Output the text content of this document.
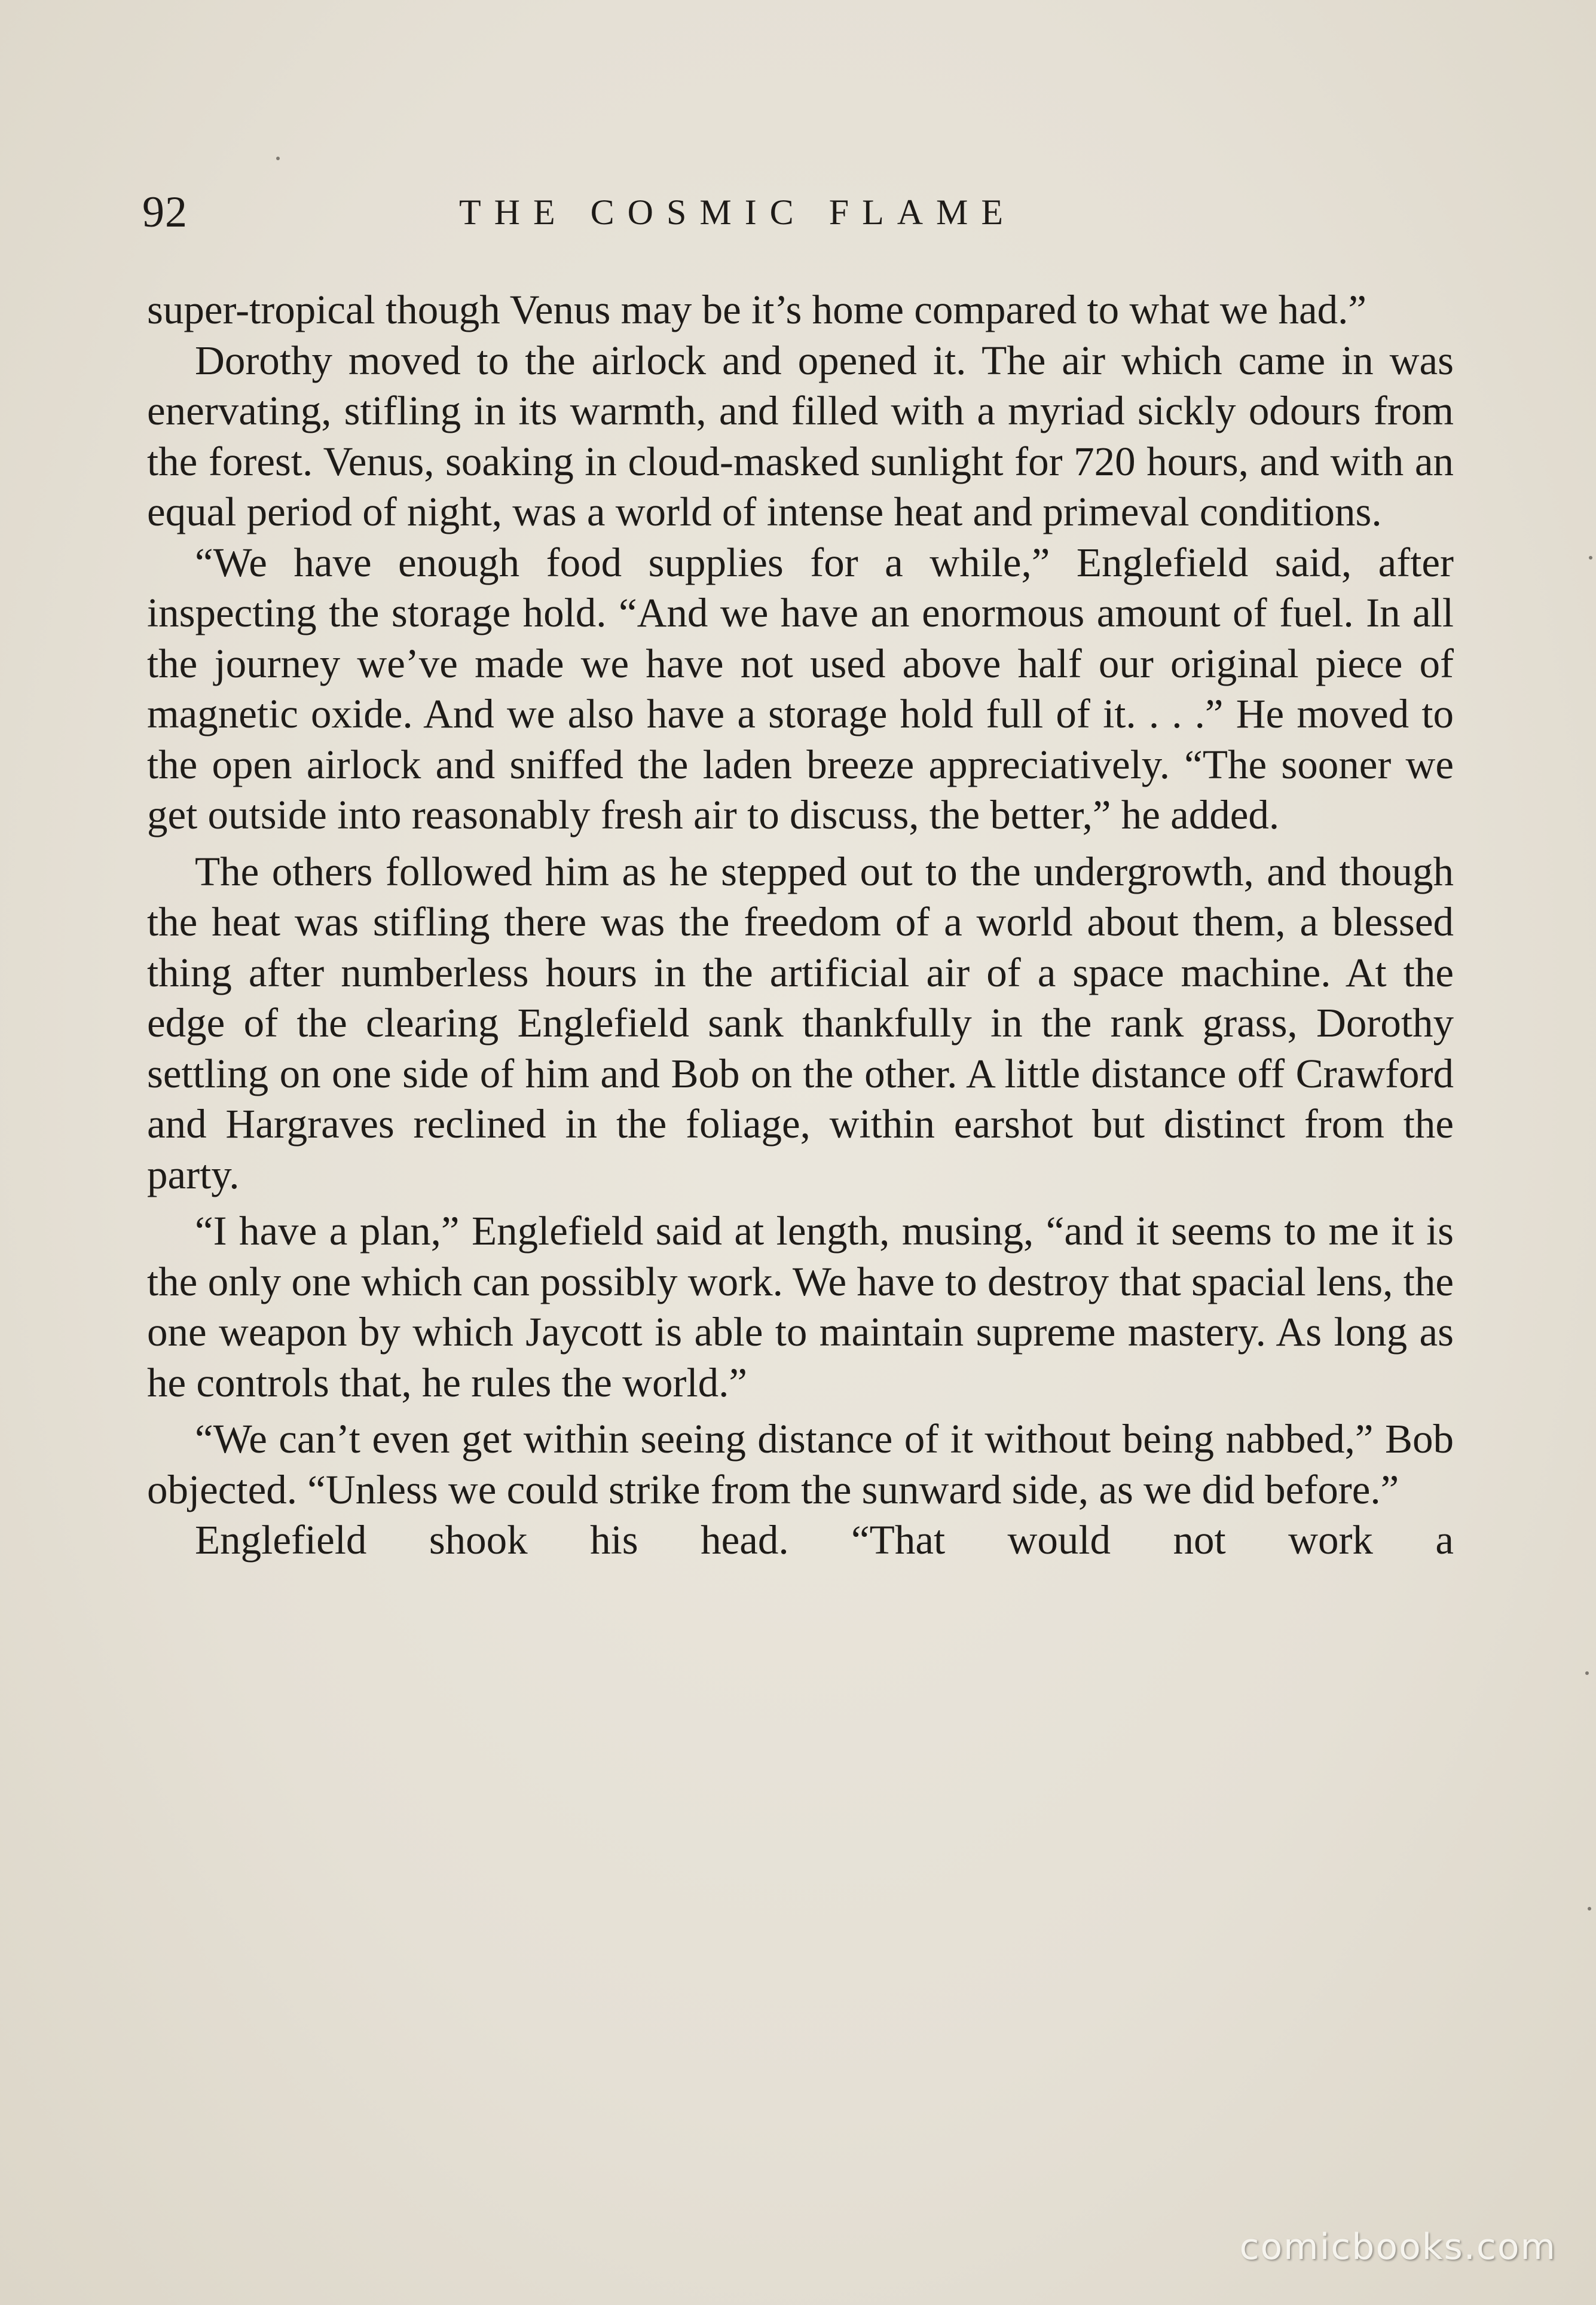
92	THE COSMIC FLAME

super-tropical though Venus may be it’s home compared to what we had.”

Dorothy moved to the airlock and opened it. The air which came in was enervating, stifling in its warmth, and filled with a myriad sickly odours from the forest. Venus, soaking in cloud-masked sunlight for 720 hours, and with an equal period of night, was a world of intense heat and primeval conditions.

“We have enough food supplies for a while,” Englefield said, after inspecting the storage hold. “And we have an enormous amount of fuel. In all the journey we’ve made we have not used above half our original piece of magnetic oxide. And we also have a storage hold full of it. . . .” He moved to the open airlock and sniffed the laden breeze appreciatively. “The sooner we get outside into reasonably fresh air to discuss, the better,” he added.

The others followed him as he stepped out to the undergrowth, and though the heat was stifling there was the freedom of a world about them, a blessed thing after numberless hours in the artificial air of a space machine. At the edge of the clearing Englefield sank thankfully in the rank grass, Dorothy settling on one side of him and Bob on the other. A little distance off Crawford and Hargraves reclined in the foliage, within earshot but distinct from the party.

“I have a plan,” Englefield said at length, musing, “and it seems to me it is the only one which can possibly work. We have to destroy that spacial lens, the one weapon by which Jaycott is able to maintain supreme mastery. As long as he controls that, he rules the world.”

“We can’t even get within seeing distance of it without being nabbed,” Bob objected. “Unless we could strike from the sunward side, as we did before.”

Englefield shook his head. “That would not work a

comicbooks.com
